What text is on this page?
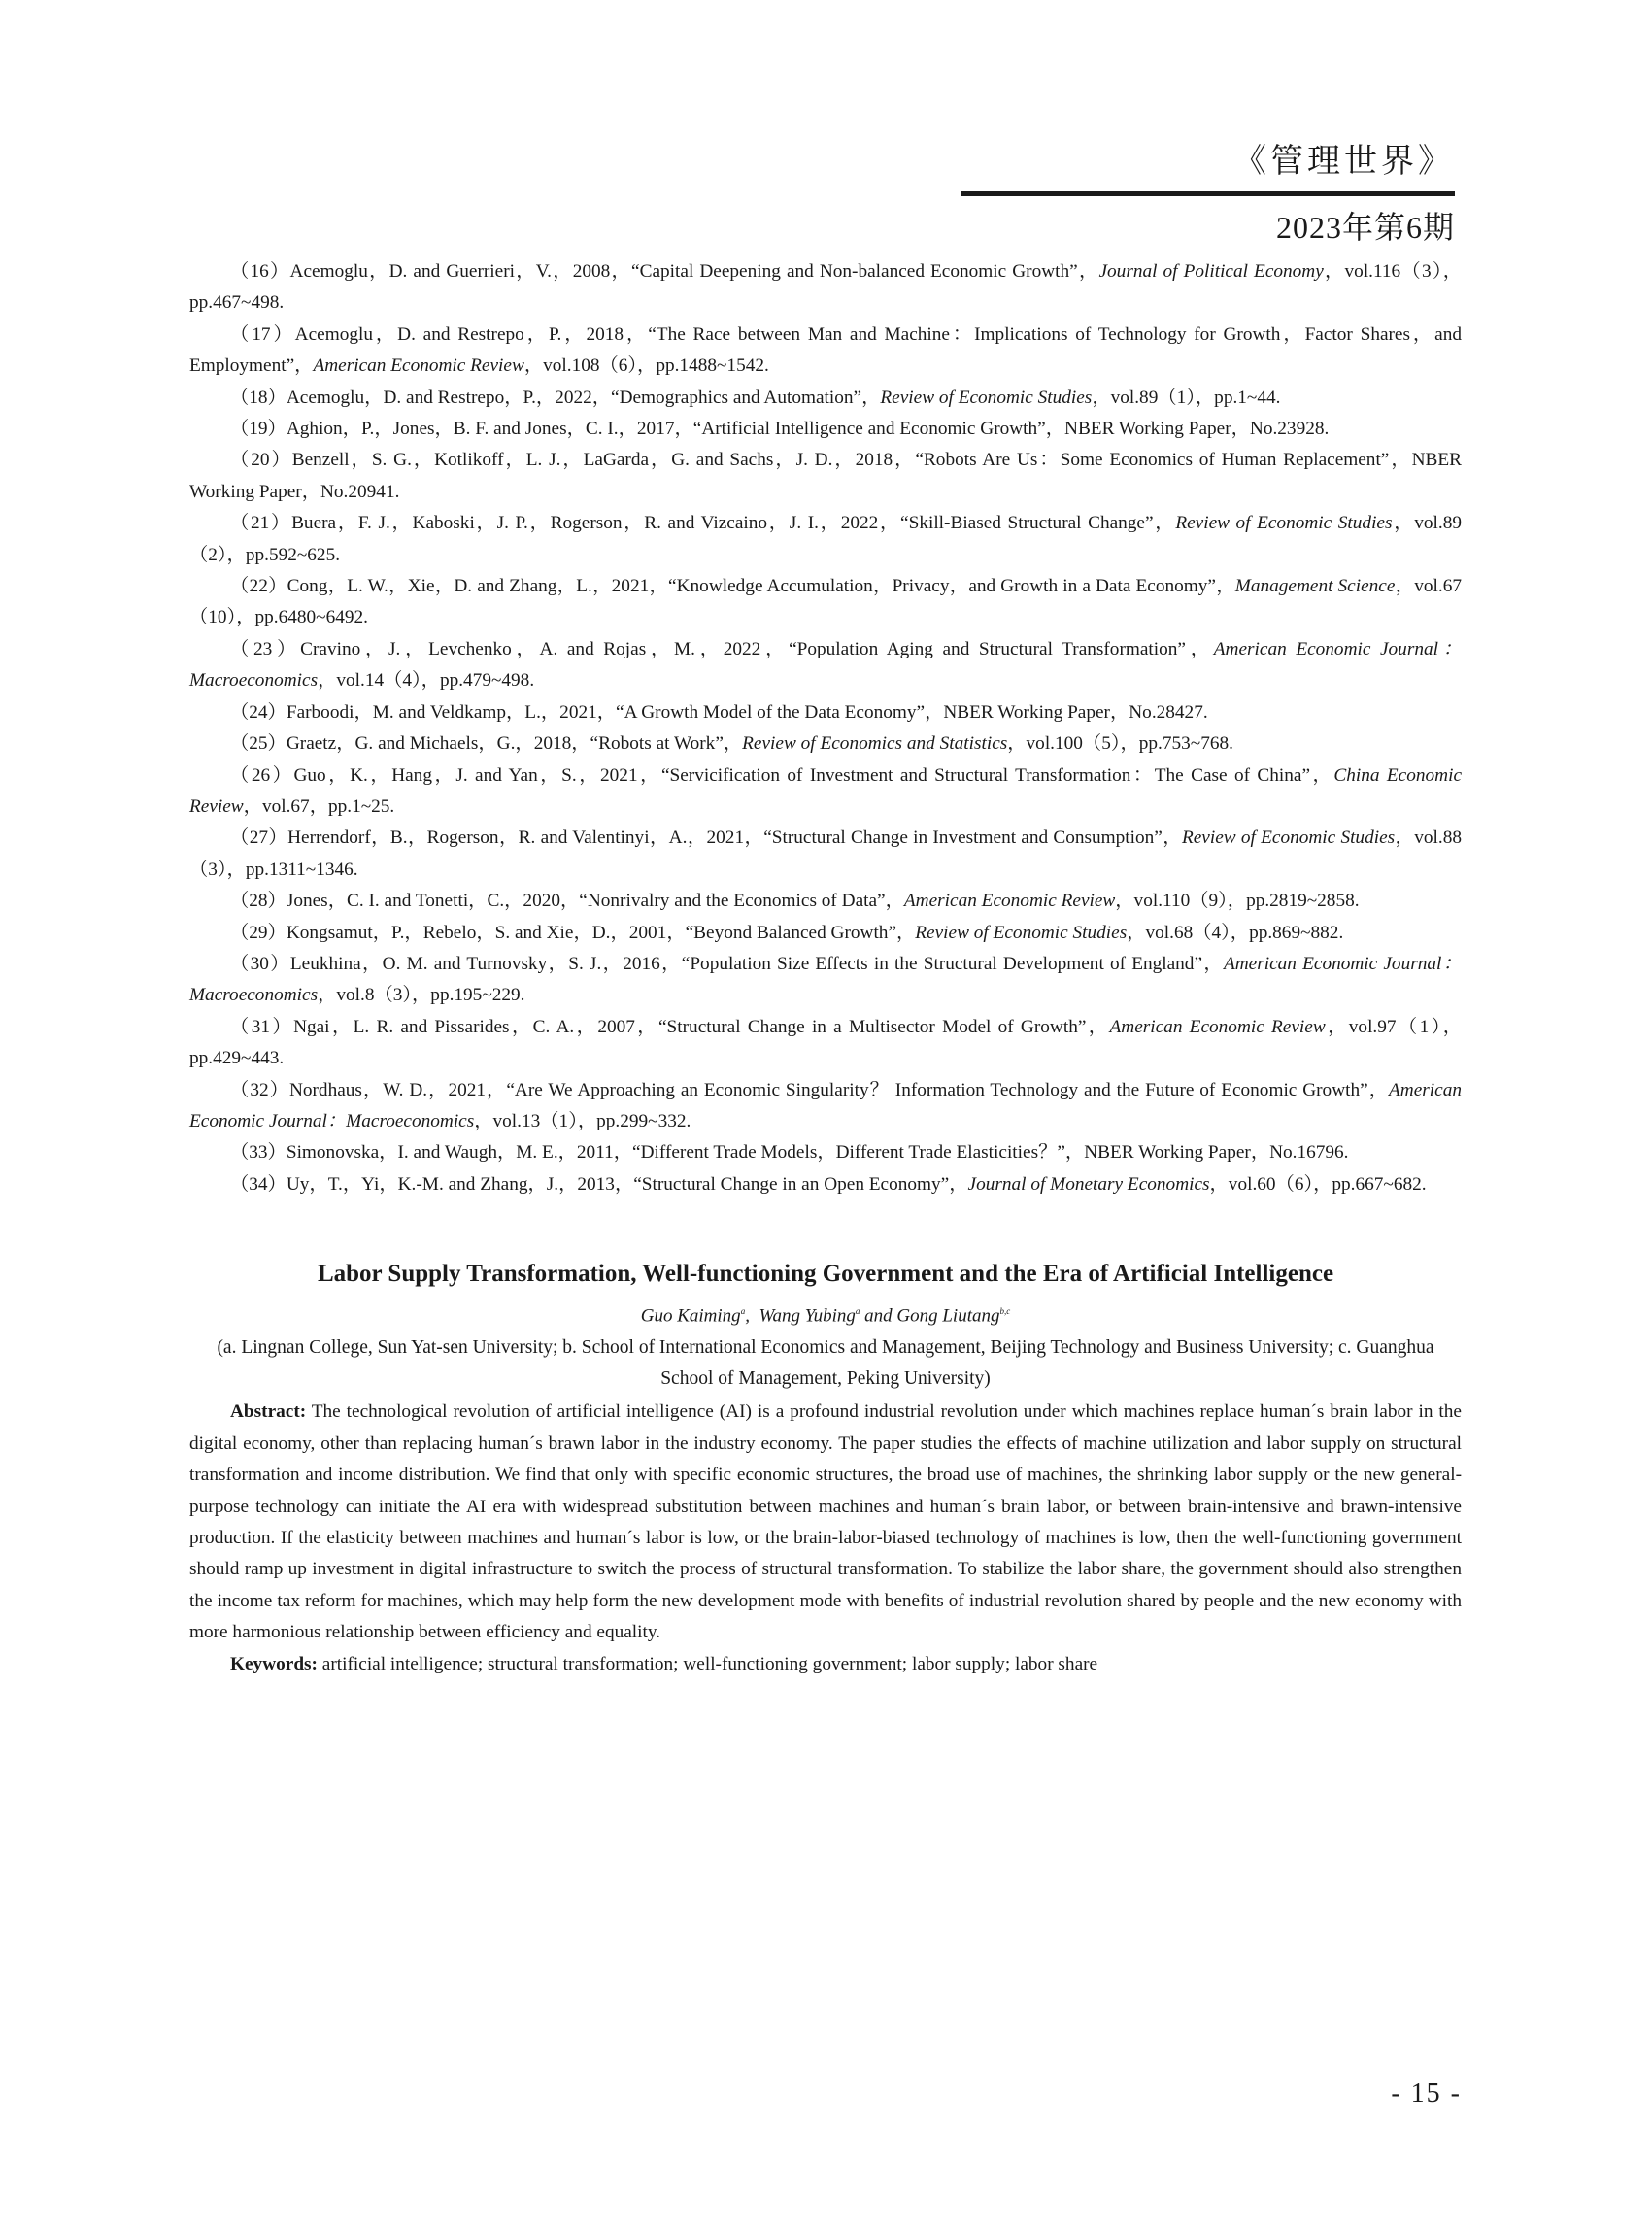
《管理世界》
2023年第6期

（16）Acemoglu，D. and Guerrieri，V.，2008，“Capital Deepening and Non-balanced Economic Growth”，Journal of Political Economy，vol.116（3），pp.467~498.

（17）Acemoglu，D. and Restrepo，P.，2018，“The Race between Man and Machine：Implications of Technology for Growth，Factor Shares，and Employment”，American Economic Review，vol.108（6），pp.1488~1542.

（18）Acemoglu，D. and Restrepo，P.，2022，“Demographics and Automation”，Review of Economic Studies，vol.89（1），pp.1~44.

（19）Aghion，P.，Jones，B. F. and Jones，C. I.，2017，“Artificial Intelligence and Economic Growth”，NBER Working Paper，No.23928.

（20）Benzell，S. G.，Kotlikoff，L. J.，LaGarda，G. and Sachs，J. D.，2018，“Robots Are Us：Some Economics of Human Replacement”，NBER Working Paper，No.20941.

（21）Buera，F. J.，Kaboski，J. P.，Rogerson，R. and Vizcaino，J. I.，2022，“Skill-Biased Structural Change”，Review of Economic Studies，vol.89（2），pp.592~625.

（22）Cong，L. W.，Xie，D. and Zhang，L.，2021，“Knowledge Accumulation，Privacy，and Growth in a Data Economy”，Management Science，vol.67（10），pp.6480~6492.

（23）Cravino，J.，Levchenko，A. and Rojas，M.，2022，“Population Aging and Structural Transformation”，American Economic Journal：Macroeconomics，vol.14（4），pp.479~498.

（24）Farboodi，M. and Veldkamp，L.，2021，“A Growth Model of the Data Economy”，NBER Working Paper，No.28427.

（25）Graetz，G. and Michaels，G.，2018，“Robots at Work”，Review of Economics and Statistics，vol.100（5），pp.753~768.

（26）Guo，K.，Hang，J. and Yan，S.，2021，“Servicification of Investment and Structural Transformation：The Case of China”，China Economic Review，vol.67，pp.1~25.

（27）Herrendorf，B.，Rogerson，R. and Valentinyi，A.，2021，“Structural Change in Investment and Consumption”，Review of Economic Studies，vol.88（3），pp.1311~1346.

（28）Jones，C. I. and Tonetti，C.，2020，“Nonrivalry and the Economics of Data”，American Economic Review，vol.110（9），pp.2819~2858.

（29）Kongsamut，P.，Rebelo，S. and Xie，D.，2001，“Beyond Balanced Growth”，Review of Economic Studies，vol.68（4），pp.869~882.

（30）Leukhina，O. M. and Turnovsky，S. J.，2016，“Population Size Effects in the Structural Development of England”，American Economic Journal：Macroeconomics，vol.8（3），pp.195~229.

（31）Ngai，L. R. and Pissarides，C. A.，2007，“Structural Change in a Multisector Model of Growth”，American Economic Review，vol.97（1），pp.429~443.

（32）Nordhaus，W. D.，2021，“Are We Approaching an Economic Singularity？ Information Technology and the Future of Economic Growth”，American Economic Journal：Macroeconomics，vol.13（1），pp.299~332.

（33）Simonovska，I. and Waugh，M. E.，2011，“Different Trade Models，Different Trade Elasticities？”，NBER Working Paper，No.16796.

（34）Uy，T.，Yi，K.-M. and Zhang，J.，2013，“Structural Change in an Open Economy”，Journal of Monetary Economics，vol.60（6），pp.667~682.

Labor Supply Transformation, Well-functioning Government and the Era of Artificial Intelligence

Guo Kaiming$^a$,  Wang Yubing$^a$ and Gong Liutang$^{b,c}$
(a. Lingnan College, Sun Yat-sen University; b. School of International Economics and Management, Beijing Technology and Business University; c. Guanghua School of Management, Peking University)

Abstract: The technological revolution of artificial intelligence (AI) is a profound industrial revolution under which machines replace human´s brain labor in the digital economy, other than replacing human´s brawn labor in the industry economy. The paper studies the effects of machine utilization and labor supply on structural transformation and income distribution. We find that only with specific economic structures, the broad use of machines, the shrinking labor supply or the new general-purpose technology can initiate the AI era with widespread substitution between machines and human´s brain labor, or between brain-intensive and brawn-intensive production. If the elasticity between machines and human´s labor is low, or the brain-labor-biased technology of machines is low, then the well-functioning government should ramp up investment in digital infrastructure to switch the process of structural transformation. To stabilize the labor share, the government should also strengthen the income tax reform for machines, which may help form the new development mode with benefits of industrial revolution shared by people and the new economy with more harmonious relationship between efficiency and equality.

Keywords: artificial intelligence; structural transformation; well-functioning government; labor supply; labor share

- 15 -
